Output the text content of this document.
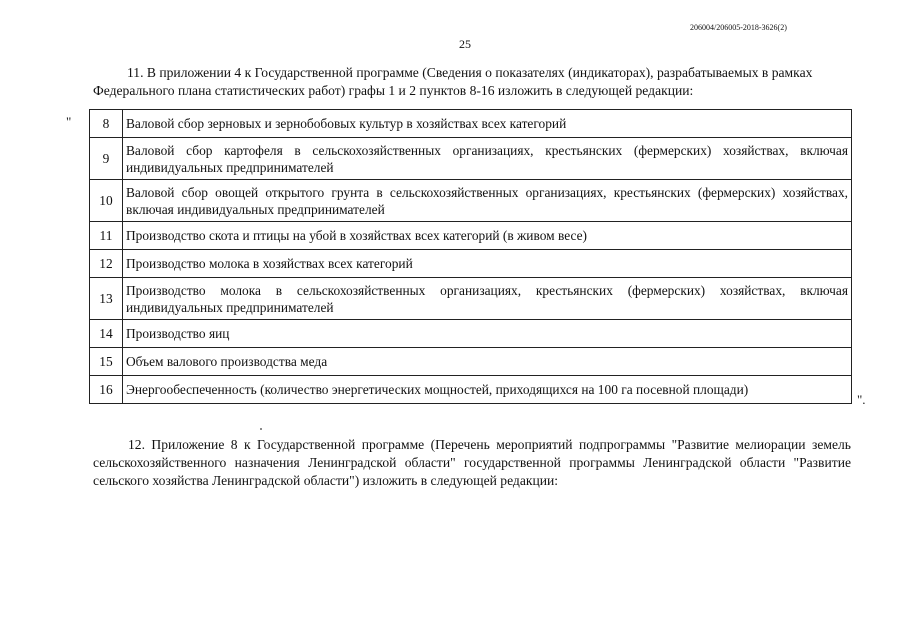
206004/206005-2018-3626(2)
25

11. В приложении 4 к Государственной программе (Сведения о показателях (индикаторах), разрабатываемых в рамках Федерального плана статистических работ) графы 1 и 2 пунктов 8-16 изложить в следующей редакции:

" 8	Валовой сбор зерновых и зернобобовых культур в хозяйствах всех категорий
9	Валовой сбор картофеля в сельскохозяйственных организациях, крестьянских (фермерских) хозяйствах, включая индивидуальных предпринимателей
10	Валовой сбор овощей открытого грунта в сельскохозяйственных организациях, крестьянских (фермерских) хозяйствах, включая индивидуальных предпринимателей
11	Производство скота и птицы на убой в хозяйствах всех категорий (в живом весе)
12	Производство молока в хозяйствах всех категорий
13	Производство молока в сельскохозяйственных организациях, крестьянских (фермерских) хозяйствах, включая индивидуальных предпринимателей
14	Производство яиц
15	Объем валового производства меда
16	Энергообеспеченность (количество энергетических мощностей, приходящихся на 100 га посевной площади)
".

12. Приложение 8 к Государственной программе (Перечень мероприятий подпрограммы "Развитие мелиорации земель сельскохозяйственного назначения Ленинградской области" государственной программы Ленинградской области "Развитие сельского хозяйства Ленинградской области") изложить в следующей редакции:
